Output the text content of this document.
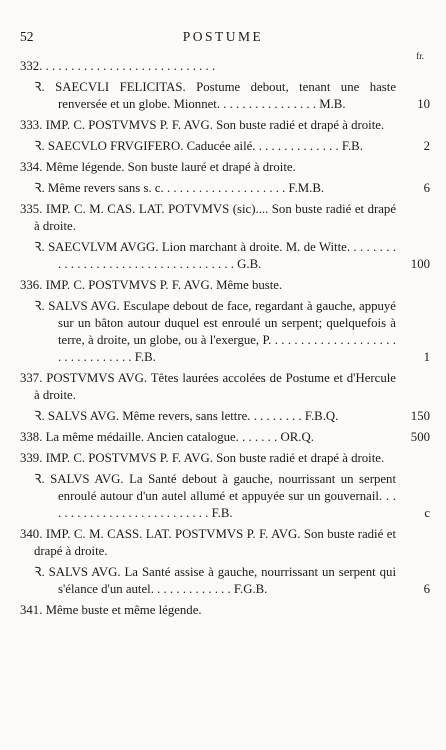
52	POSTUME
fr.
332. . . . . . . . . . . . . . . . . . . . . . . . . . . .
Ꝛ. SAECVLI FELICITAS. Postume debout, tenant une haste renversée et un globe. Mionnet. . . . . . . . . . . . . . . . M.B.	10
333. IMP. C. POSTVMVS P. F. AVG. Son buste radié et drapé à droite.
Ꝛ. SAECVLO FRVGIFERO. Caducée ailé. . . . . . . . . . . . . . F.B.	2
334. Même légende. Son buste lauré et drapé à droite.
Ꝛ. Même revers sans s. c. . . . . . . . . . . . . . . . . . . . F.M.B.	6
335. IMP. C. M. CAS. LAT. POTVMVS (sic).... Son buste radié et drapé à droite.
Ꝛ. SAECVLVM AVGG. Lion marchant à droite. M. de Witte. . . . . . . . . . . . . . . . . . . . . . . . . . . . . . . . . . . . G.B.	100
336. IMP. C. POSTVMVS P. F. AVG. Même buste.
Ꝛ. SALVS AVG. Esculape debout de face, regardant à gauche, appuyé sur un bâton autour duquel est enroulé un serpent; quelquefois à terre, à droite, un globe, ou à l'exergue, P. . . . . . . . . . . . . . . . . . . . . . . . . . . . . . . . F.B.	1
337. POSTVMVS AVG. Têtes laurées accolées de Postume et d'Hercule à droite.
Ꝛ. SALVS AVG. Même revers, sans lettre. . . . . . . . . F.B.Q.	150
338. La même médaille. Ancien catalogue. . . . . . . OR.Q.	500
339. IMP. C. POSTVMVS P. F. AVG. Son buste radié et drapé à droite.
Ꝛ. SALVS AVG. La Santé debout à gauche, nourrissant un serpent enroulé autour d'un autel allumé et appuyée sur un gouvernail. . . . . . . . . . . . . . . . . . . . . . . . . . . F.B.	c
340. IMP. C. M. CASS. LAT. POSTVMVS P. F. AVG. Son buste radié et drapé à droite.
Ꝛ. SALVS AVG. La Santé assise à gauche, nourrissant un serpent qui s'élance d'un autel. . . . . . . . . . . . . F.G.B.	6
341. Même buste et même légende.
